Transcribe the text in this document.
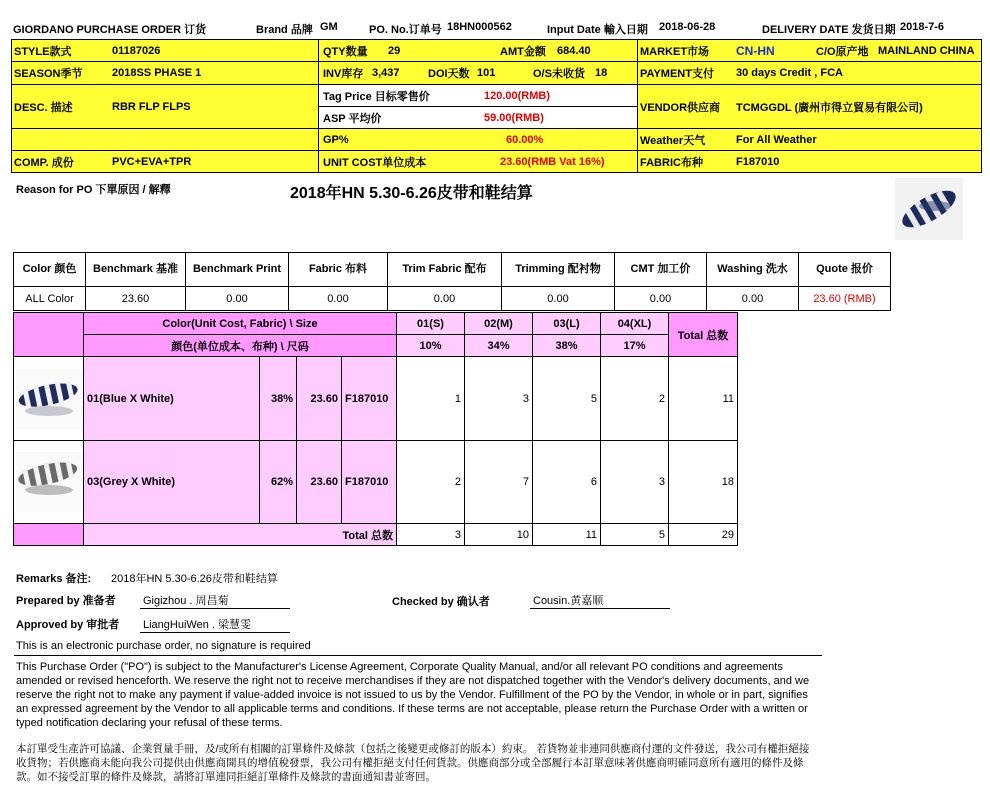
GIORDANO PURCHASE ORDER 订货	Brand 品牌 GM	PO. No.订单号 18HN000562	Input Date 輸入日期 2018-06-28	DELIVERY DATE 发货日期 2018-7-6
STYLE款式	01187026
SEASON季节	2018SS PHASE 1
DESC. 描述	RBR FLP FLPS
COMP. 成份	PVC+EVA+TPR
QTY数量 29	AMT金额 684.40
INV库存 3,437	DOI天数 101	O/S未收货 18
Tag Price 目标零售价	120.00(RMB)
ASP 平均价	59.00(RMB)
GP%	60.00%
UNIT COST单位成本	23.60(RMB Vat 16%)
MARKET市场 CN-HN	C/O原产地 MAINLAND CHINA
PAYMENT支付 30 days Credit , FCA
VENDOR供应商 TCMGGDL (廣州市得立貿易有限公司)
Weather天气	For All Weather
FABRIC布种	F187010
Reason for PO 下單原因 / 解釋	2018年HN 5.30-6.26皮带和鞋结算
Color 颜色	Benchmark 基准	Benchmark Print	Fabric 布料	Trim Fabric 配布	Trimming 配衬物	CMT 加工价	Washing 洗水	Quote 报价
ALL Color	23.60	0.00	0.00	0.00	0.00	0.00	0.00	23.60 (RMB)
	Color(Unit Cost, Fabric) \ Size				01(S)	02(M)	03(L)	04(XL)	Total 总数
	颜色(单位成本、布种) \ 尺码				10%	34%	38%	17%	

	01(Blue X White)	38%	23.60	F187010	1	3	5	2	11

	03(Grey X White)	62%	23.60	F187010	2	7	6	3	18
	Total 总数				3	10	11	5	29
Remarks 备注: 2018年HN 5.30-6.26皮带和鞋结算
Prepared by 准备者 Gigizhou . 周昌菊	Checked by 确认者	Cousin.黄嘉顺
Approved by 审批者 LiangHuiWen . 梁慧雯
This is an electronic purchase order, no signature is required
This Purchase Order ("PO") is subject to the Manufacturer's License Agreement, Corporate Quality Manual, and/or all relevant PO conditions and agreements amended or revised henceforth. We reserve the right not to receive merchandises if they are not dispatched together with the Vendor's delivery documents, and we reserve the right not to make any payment if value-added invoice is not issued to us by the Vendor. Fulfillment of the PO by the Vendor, in whole or in part, signifies an expressed agreement by the Vendor to all applicable terms and conditions. If these terms are not acceptable, please return the Purchase Order with a written or typed notification declaring your refusal of these terms.
本訂單受生產許可協議、企業質量手冊，及/或所有相關的訂單條件及條款（包括之後變更或修訂的版本）約束。 若貨物並非連同供應商付運的文件發送，我公司有權拒絕接收貨物；若供應商未能向我公司提供由供應商開具的增值稅發票，我公司有權拒絕支付任何貨款。供應商部分或全部履行本訂單意味著供應商明確同意所有適用的條件及條款。如不接受訂單的條件及條款，請將訂單連同拒絕訂單條件及條款的書面通知書並寄回。
